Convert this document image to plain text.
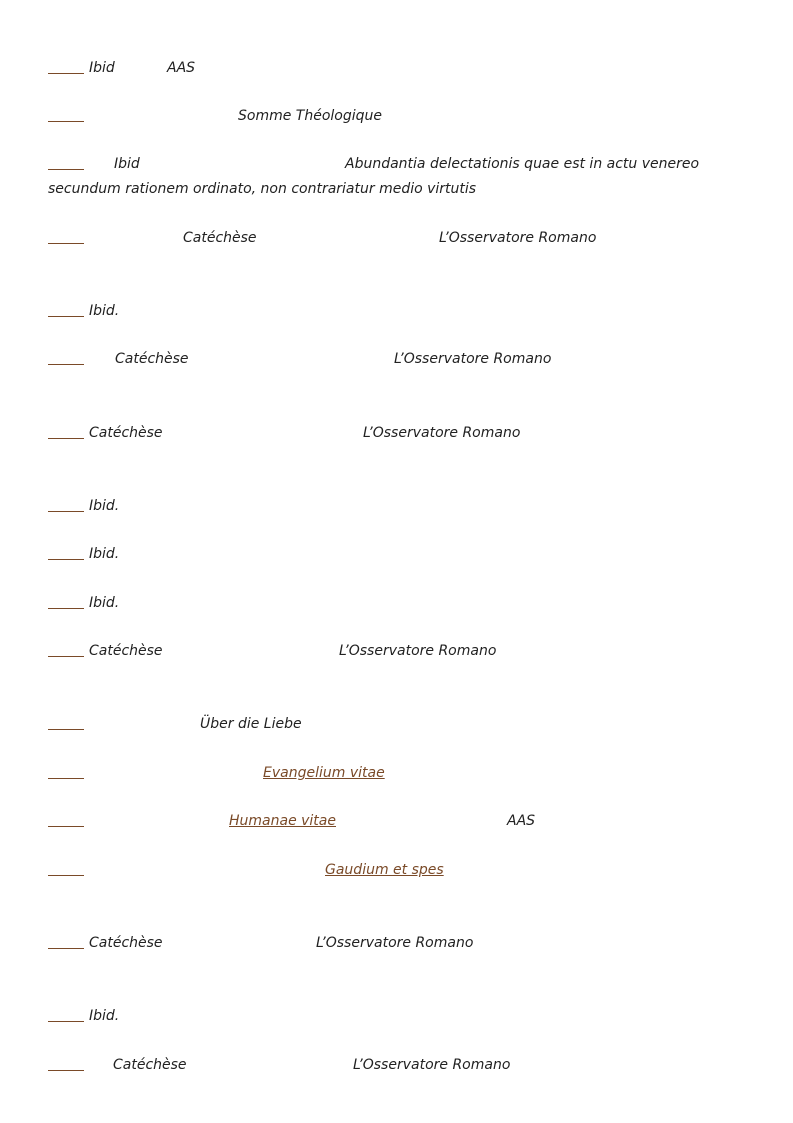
Ibid	AAS
Somme Théologique
Ibid	Abundantia delectationis quae est in actu venereo
secundum rationem ordinato, non contrariatur medio virtutis
Catéchèse	L’Osservatore Romano
Ibid.
Catéchèse	L’Osservatore Romano
Catéchèse	L’Osservatore Romano
Ibid.
Ibid.
Ibid.
Catéchèse	L’Osservatore Romano
Über die Liebe
Evangelium vitae
Humanae vitae	AAS
Gaudium et spes
Catéchèse	L’Osservatore Romano
Ibid.
Catéchèse	L’Osservatore Romano
